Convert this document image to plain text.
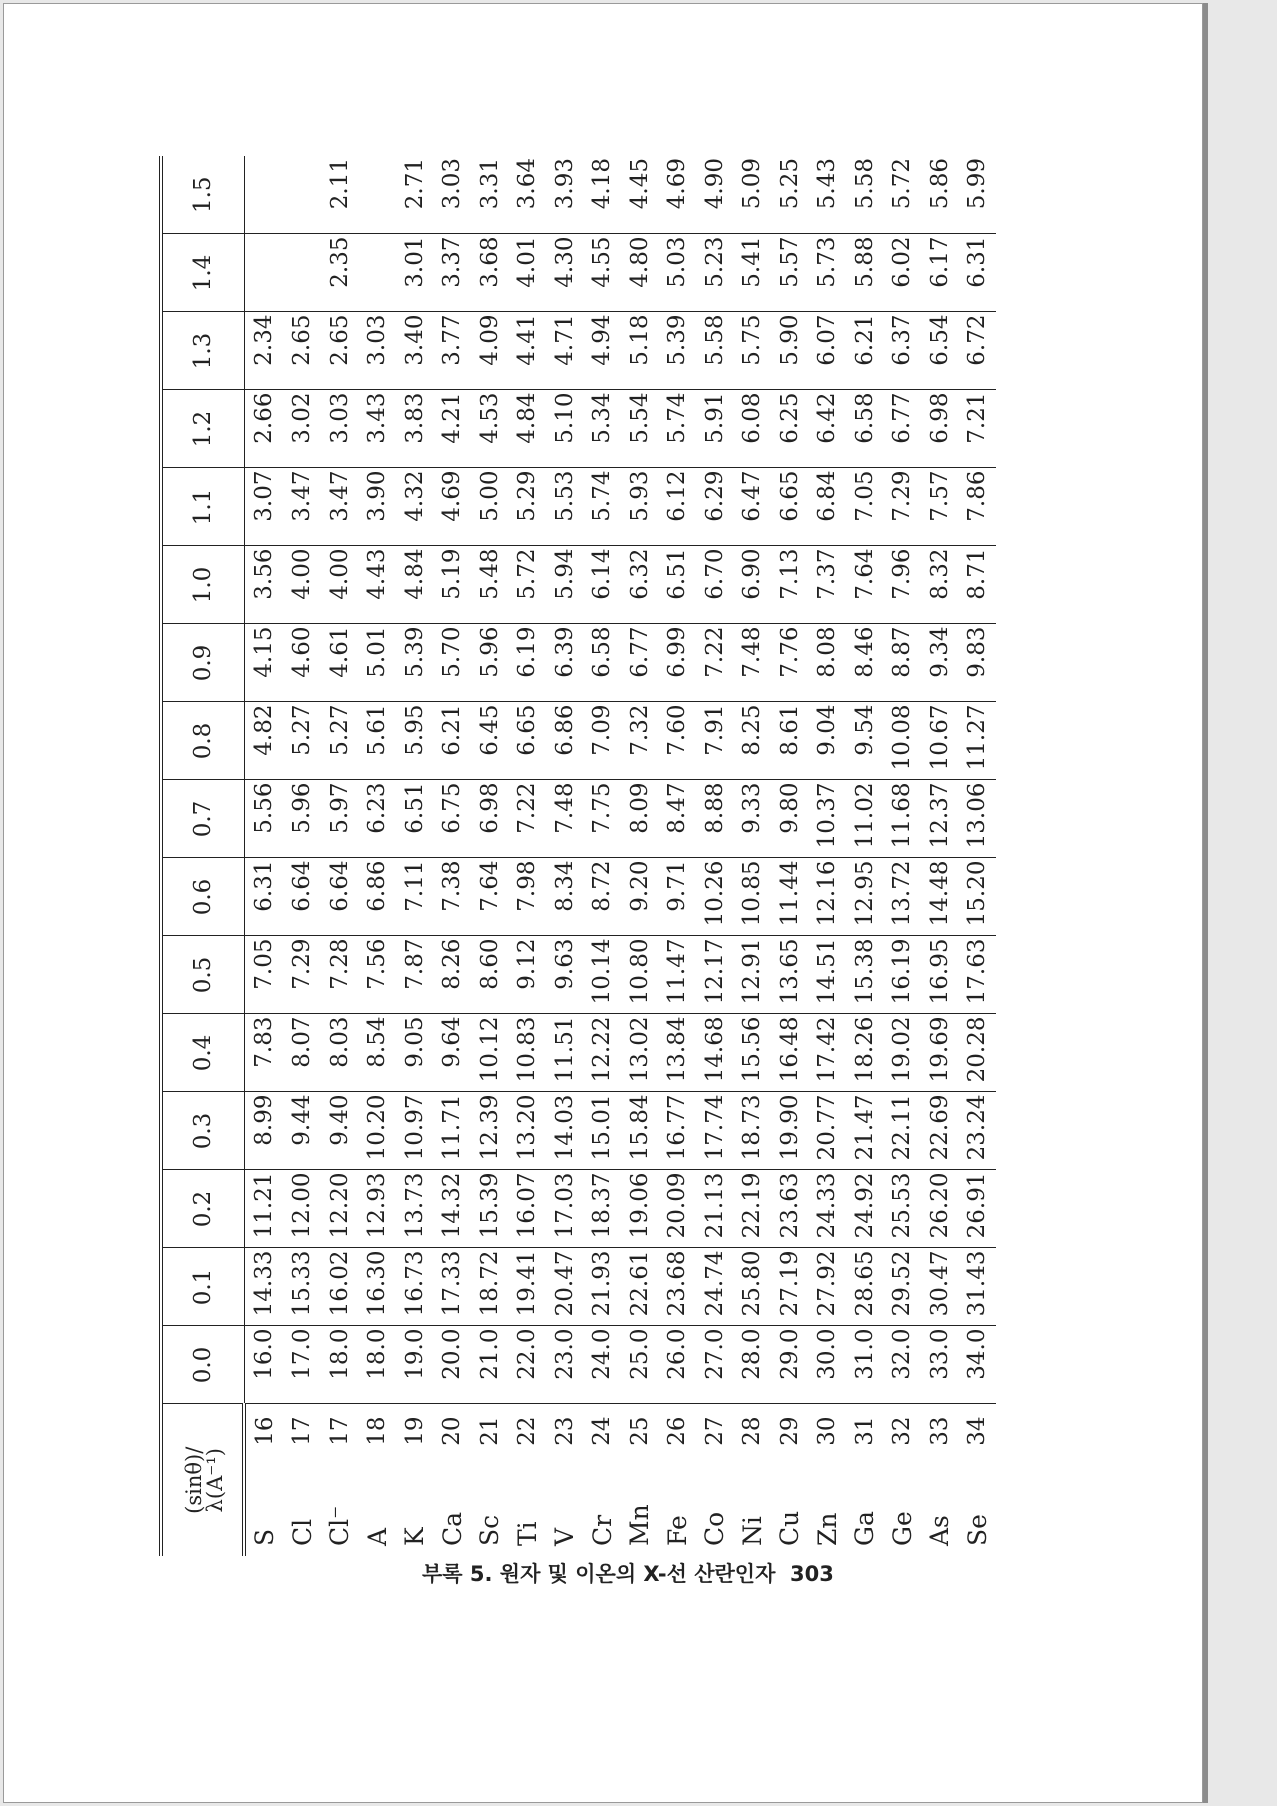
(sinθ)/
λ(A⁻¹)		0.0	0.1	0.2	0.3	0.4	0.5	0.6	0.7	0.8	0.9	1.0	1.1	1.2	1.3	1.4	1.5
S	16	16.0	14.33	11.21	8.99	7.83	7.05	6.31	5.56	4.82	4.15	3.56	3.07	2.66	2.34		
Cl	17	17.0	15.33	12.00	9.44	8.07	7.29	6.64	5.96	5.27	4.60	4.00	3.47	3.02	2.65		
Cl⁻	17	18.0	16.02	12.20	9.40	8.03	7.28	6.64	5.97	5.27	4.61	4.00	3.47	3.03	2.65	2.35	2.11
A	18	18.0	16.30	12.93	10.20	8.54	7.56	6.86	6.23	5.61	5.01	4.43	3.90	3.43	3.03		
K	19	19.0	16.73	13.73	10.97	9.05	7.87	7.11	6.51	5.95	5.39	4.84	4.32	3.83	3.40	3.01	2.71
Ca	20	20.0	17.33	14.32	11.71	9.64	8.26	7.38	6.75	6.21	5.70	5.19	4.69	4.21	3.77	3.37	3.03
Sc	21	21.0	18.72	15.39	12.39	10.12	8.60	7.64	6.98	6.45	5.96	5.48	5.00	4.53	4.09	3.68	3.31
Ti	22	22.0	19.41	16.07	13.20	10.83	9.12	7.98	7.22	6.65	6.19	5.72	5.29	4.84	4.41	4.01	3.64
V	23	23.0	20.47	17.03	14.03	11.51	9.63	8.34	7.48	6.86	6.39	5.94	5.53	5.10	4.71	4.30	3.93
Cr	24	24.0	21.93	18.37	15.01	12.22	10.14	8.72	7.75	7.09	6.58	6.14	5.74	5.34	4.94	4.55	4.18
Mn	25	25.0	22.61	19.06	15.84	13.02	10.80	9.20	8.09	7.32	6.77	6.32	5.93	5.54	5.18	4.80	4.45
Fe	26	26.0	23.68	20.09	16.77	13.84	11.47	9.71	8.47	7.60	6.99	6.51	6.12	5.74	5.39	5.03	4.69
Co	27	27.0	24.74	21.13	17.74	14.68	12.17	10.26	8.88	7.91	7.22	6.70	6.29	5.91	5.58	5.23	4.90
Ni	28	28.0	25.80	22.19	18.73	15.56	12.91	10.85	9.33	8.25	7.48	6.90	6.47	6.08	5.75	5.41	5.09
Cu	29	29.0	27.19	23.63	19.90	16.48	13.65	11.44	9.80	8.61	7.76	7.13	6.65	6.25	5.90	5.57	5.25
Zn	30	30.0	27.92	24.33	20.77	17.42	14.51	12.16	10.37	9.04	8.08	7.37	6.84	6.42	6.07	5.73	5.43
Ga	31	31.0	28.65	24.92	21.47	18.26	15.38	12.95	11.02	9.54	8.46	7.64	7.05	6.58	6.21	5.88	5.58
Ge	32	32.0	29.52	25.53	22.11	19.02	16.19	13.72	11.68	10.08	8.87	7.96	7.29	6.77	6.37	6.02	5.72
As	33	33.0	30.47	26.20	22.69	19.69	16.95	14.48	12.37	10.67	9.34	8.32	7.57	6.98	6.54	6.17	5.86
Se	34	34.0	31.43	26.91	23.24	20.28	17.63	15.20	13.06	11.27	9.83	8.71	7.86	7.21	6.72	6.31	5.99
부록 5. 원자 및 이온의 X-선 산란인자 303
